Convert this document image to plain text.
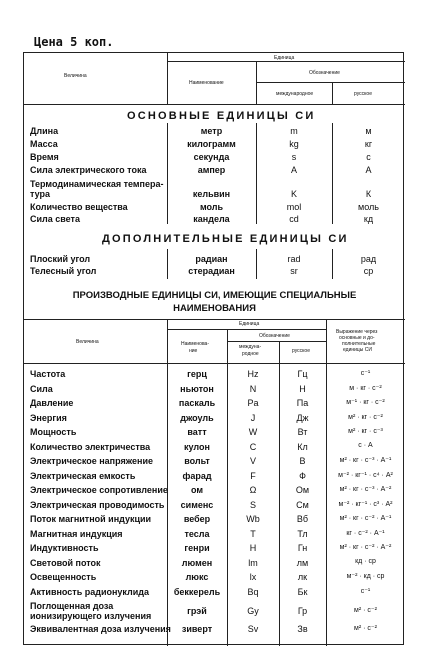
Цена 5 коп.
Величина
Единица
Наименование
Обозначение
международное	русское
ОСНОВНЫЕ ЕДИНИЦЫ СИ
Длина	метр	m	м
Масса	килограмм	kg	кг
Время	секунда	s	с
Сила электрического тока	ампер	A	А
Термодинамическая темпера-
тура	кельвин	K	К
Количество вещества	моль	mol	моль
Сила света	кандела	cd	кд
ДОПОЛНИТЕЛЬНЫЕ ЕДИНИЦЫ СИ
Плоский угол	радиан	rad	рад
Телесный угол	стерадиан	sr	ср
ПРОИЗВОДНЫЕ ЕДИНИЦЫ СИ, ИМЕЮЩИЕ СПЕЦИАЛЬНЫЕ
НАИМЕНОВАНИЯ
Величина
Единица
Наименова-
ние
Обозначение
междуна-
родное	русское
Выражение через
основные и до-
полнительные
единицы СИ
Частота	герц	Hz	Гц	с⁻¹
Сила	ньютон	N	Н	м · кг · с⁻²
Давление	паскаль	Pa	Па	м⁻¹ · кг · с⁻²
Энергия	джоуль	J	Дж	м² · кг · с⁻²
Мощность	ватт	W	Вт	м² · кг · с⁻³
Количество электричества	кулон	C	Кл	с · А
Электрическое напряжение	вольт	V	В	м² · кг · с⁻³ · А⁻¹
Электрическая емкость	фарад	F	Ф	м⁻² · кг⁻¹ · с⁴ · А²
Электрическое сопротивление	ом	Ω	Ом	м² · кг · с⁻³ · А⁻²
Электрическая проводимость	сименс	S	См	м⁻² · кг⁻¹ · с³ · А²
Поток магнитной индукции	вебер	Wb	Вб	м² · кг · с⁻² · А⁻¹
Магнитная индукция	тесла	T	Тл	кг · с⁻² · А⁻¹
Индуктивность	генри	H	Гн	м² · кг · с⁻² · А⁻²
Световой поток	люмен	lm	лм	кд · ср
Освещенность	люкс	lx	лк	м⁻² · кд · ср
Активность радионуклида	беккерель	Bq	Бк	с⁻¹
Поглощенная доза
ионизирующего излучения	грэй	Gy	Гр	м² · с⁻²
Эквивалентная доза излучения	зиверт	Sv	Зв	м² · с⁻²
